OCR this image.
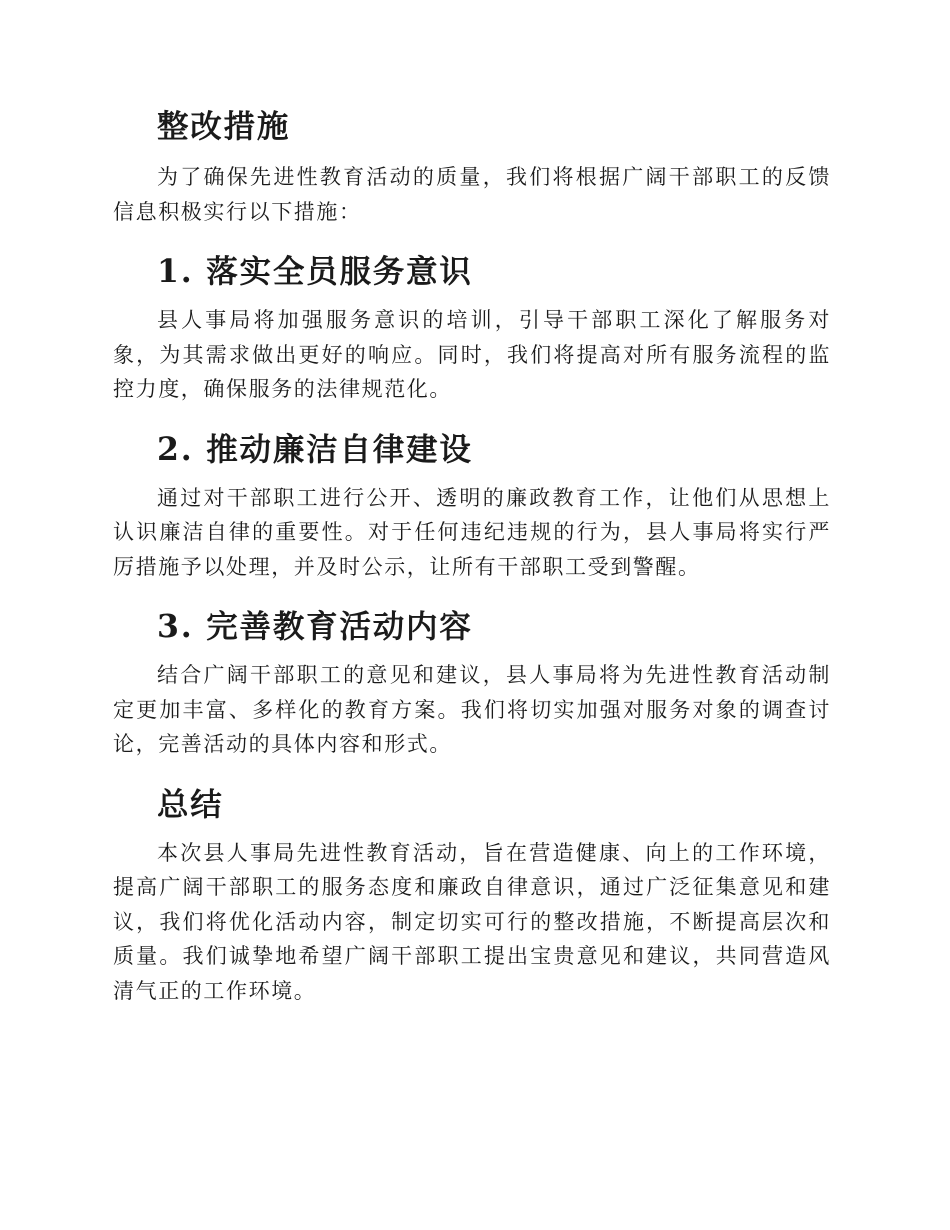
整改措施

为了确保先进性教育活动的质量，我们将根据广阔干部职工的反馈信息积极实行以下措施：

1. 落实全员服务意识

县人事局将加强服务意识的培训，引导干部职工深化了解服务对象，为其需求做出更好的响应。同时，我们将提高对所有服务流程的监控力度，确保服务的法律规范化。

2. 推动廉洁自律建设

通过对干部职工进行公开、透明的廉政教育工作，让他们从思想上认识廉洁自律的重要性。对于任何违纪违规的行为，县人事局将实行严厉措施予以处理，并及时公示，让所有干部职工受到警醒。

3. 完善教育活动内容

结合广阔干部职工的意见和建议，县人事局将为先进性教育活动制定更加丰富、多样化的教育方案。我们将切实加强对服务对象的调查讨论，完善活动的具体内容和形式。

总结

本次县人事局先进性教育活动，旨在营造健康、向上的工作环境，提高广阔干部职工的服务态度和廉政自律意识，通过广泛征集意见和建议，我们将优化活动内容，制定切实可行的整改措施，不断提高层次和质量。我们诚挚地希望广阔干部职工提出宝贵意见和建议，共同营造风清气正的工作环境。
